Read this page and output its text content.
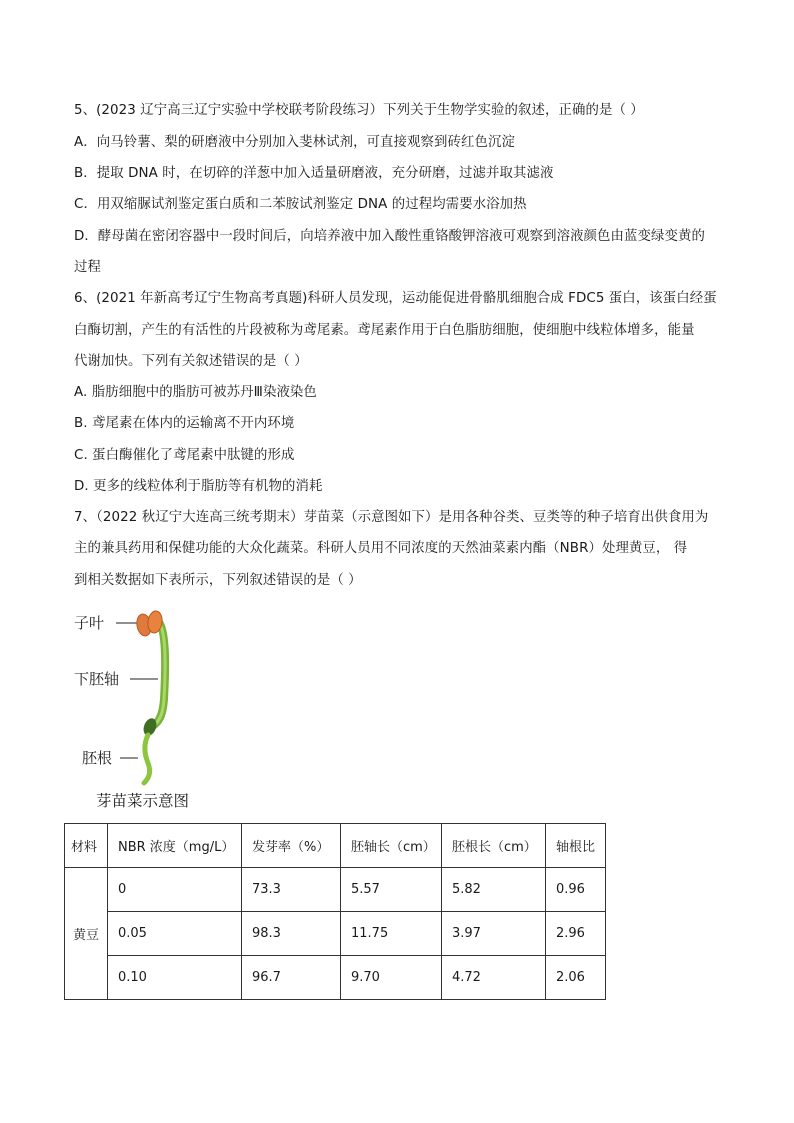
5、(2023 辽宁高三辽宁实验中学校联考阶段练习）下列关于生物学实验的叙述，正确的是（ ）
A．向马铃薯、梨的研磨液中分别加入斐林试剂，可直接观察到砖红色沉淀
B．提取 DNA 时，在切碎的洋葱中加入适量研磨液，充分研磨，过滤并取其滤液
C．用双缩脲试剂鉴定蛋白质和二苯胺试剂鉴定 DNA 的过程均需要水浴加热
D．酵母菌在密闭容器中一段时间后，向培养液中加入酸性重铬酸钾溶液可观察到溶液颜色由蓝变绿变黄的
过程
6、(2021 年新高考辽宁生物高考真题)科研人员发现，运动能促进骨骼肌细胞合成 FDC5 蛋白，该蛋白经蛋
白酶切割，产生的有活性的片段被称为鸢尾素。鸢尾素作用于白色脂肪细胞，使细胞中线粒体增多，能量
代谢加快。下列有关叙述错误的是（ ）
A. 脂肪细胞中的脂肪可被苏丹Ⅲ染液染色
B. 鸢尾素在体内的运输离不开内环境
C. 蛋白酶催化了鸢尾素中肽键的形成
D. 更多的线粒体利于脂肪等有机物的消耗
7、（2022 秋辽宁大连高三统考期末）芽苗菜（示意图如下）是用各种谷类、豆类等的种子培育出供食用为
主的兼具药用和保健功能的大众化蔬菜。科研人员用不同浓度的天然油菜素内酯（NBR）处理黄豆， 得
到相关数据如下表所示，下列叙述错误的是（ ）
子叶
下胚轴
胚根
芽苗菜示意图
材料	NBR 浓度（mg/L）	发芽率（%）	胚轴长（cm）	胚根长（cm）	轴根比
黄豆	0	73.3	5.57	5.82	0.96
	0.05	98.3	11.75	3.97	2.96
	0.10	96.7	9.70	4.72	2.06
